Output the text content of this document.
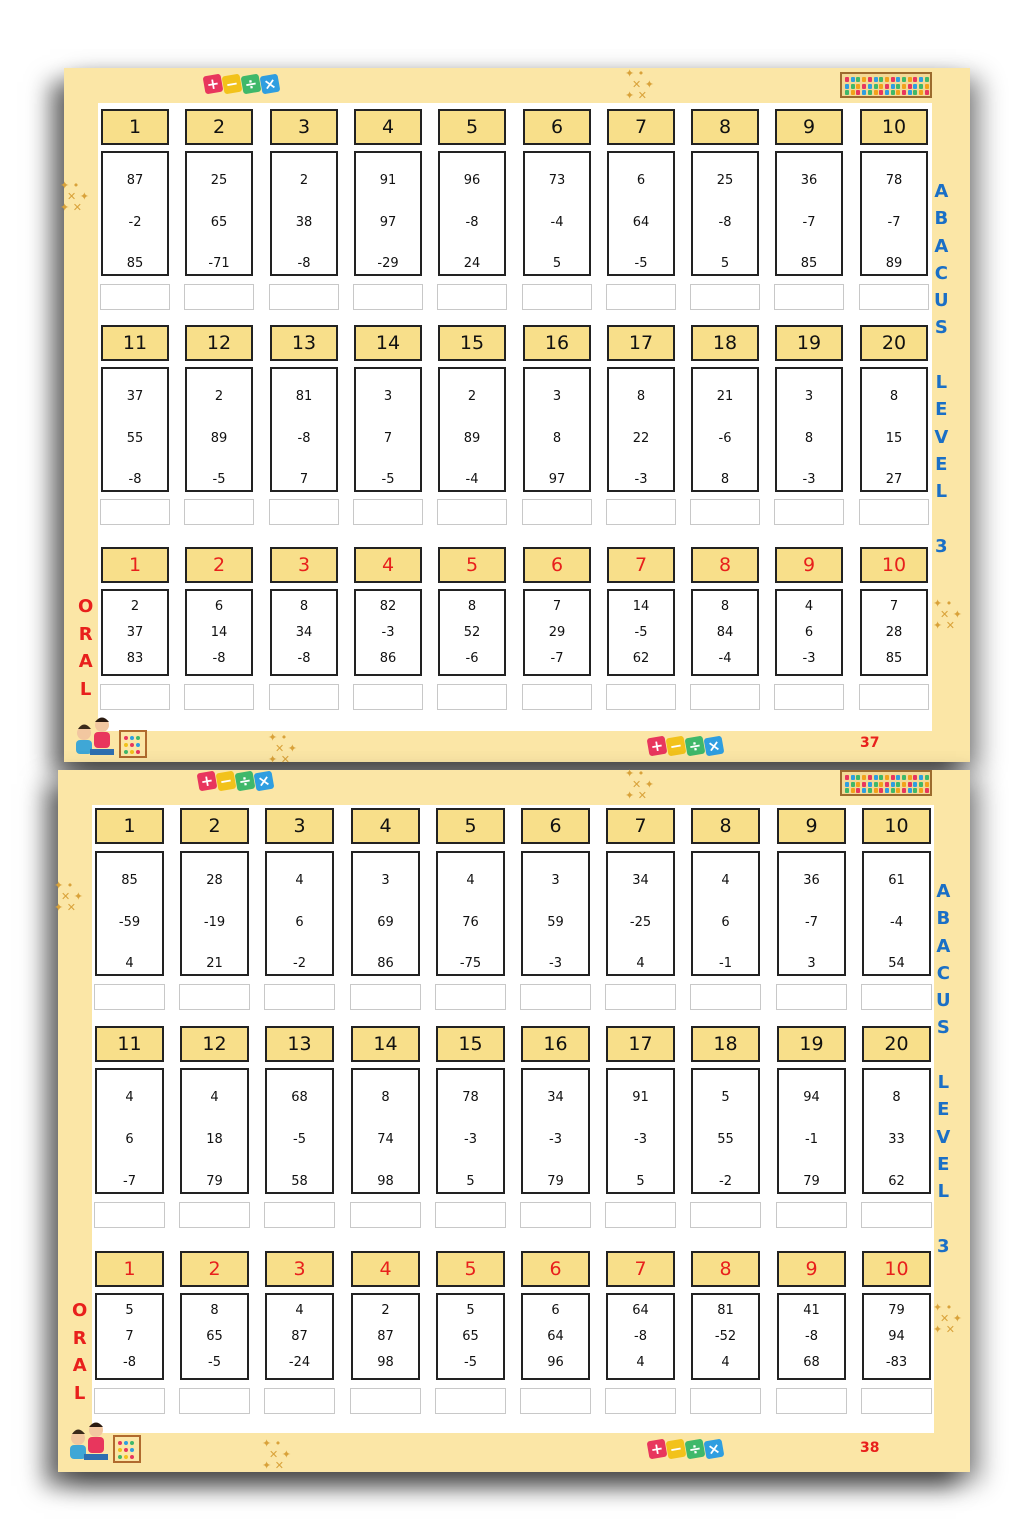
1
87
-2
85
2
25
65
-71
3
2
38
-8
4
91
97
-29
5
96
-8
24
6
73
-4
5
7
6
64
-5
8
25
-8
5
9
36
-7
85
10
78
-7
89
11
37
55
-8
12
2
89
-5
13
81
-8
7
14
3
7
-5
15
2
89
-4
16
3
8
97
17
8
22
-3
18
21
-6
8
19
3
8
-3
20
8
15
27
1
2
37
83
2
6
14
-8
3
8
34
-8
4
82
-3
86
5
8
52
-6
6
7
29
-7
7
14
-5
62
8
8
84
-4
9
4
6
-3
10
7
28
85
A
B
A
C
U
S
L
E
V
E
L
3
O
R
A
L
37
+ − ÷ ×
+ − ÷ ×
✦ •
✕ ✦
✦ ✕
✦ •
✕ ✦
✦ ✕
✦ •
✕ ✦
✦ ✕
✦ •
✕ ✦
✦ ✕
1
85
-59
4
2
28
-19
21
3
4
6
-2
4
3
69
86
5
4
76
-75
6
3
59
-3
7
34
-25
4
8
4
6
-1
9
36
-7
3
10
61
-4
54
11
4
6
-7
12
4
18
79
13
68
-5
58
14
8
74
98
15
78
-3
5
16
34
-3
79
17
91
-3
5
18
5
55
-2
19
94
-1
79
20
8
33
62
1
5
7
-8
2
8
65
-5
3
4
87
-24
4
2
87
98
5
5
65
-5
6
6
64
96
7
64
-8
4
8
81
-52
4
9
41
-8
68
10
79
94
-83
A
B
A
C
U
S
L
E
V
E
L
3
O
R
A
L
38
+ − ÷ ×
+ − ÷ ×
✦ •
✕ ✦
✦ ✕
✦ •
✕ ✦
✦ ✕
✦ •
✕ ✦
✦ ✕
✦ •
✕ ✦
✦ ✕
